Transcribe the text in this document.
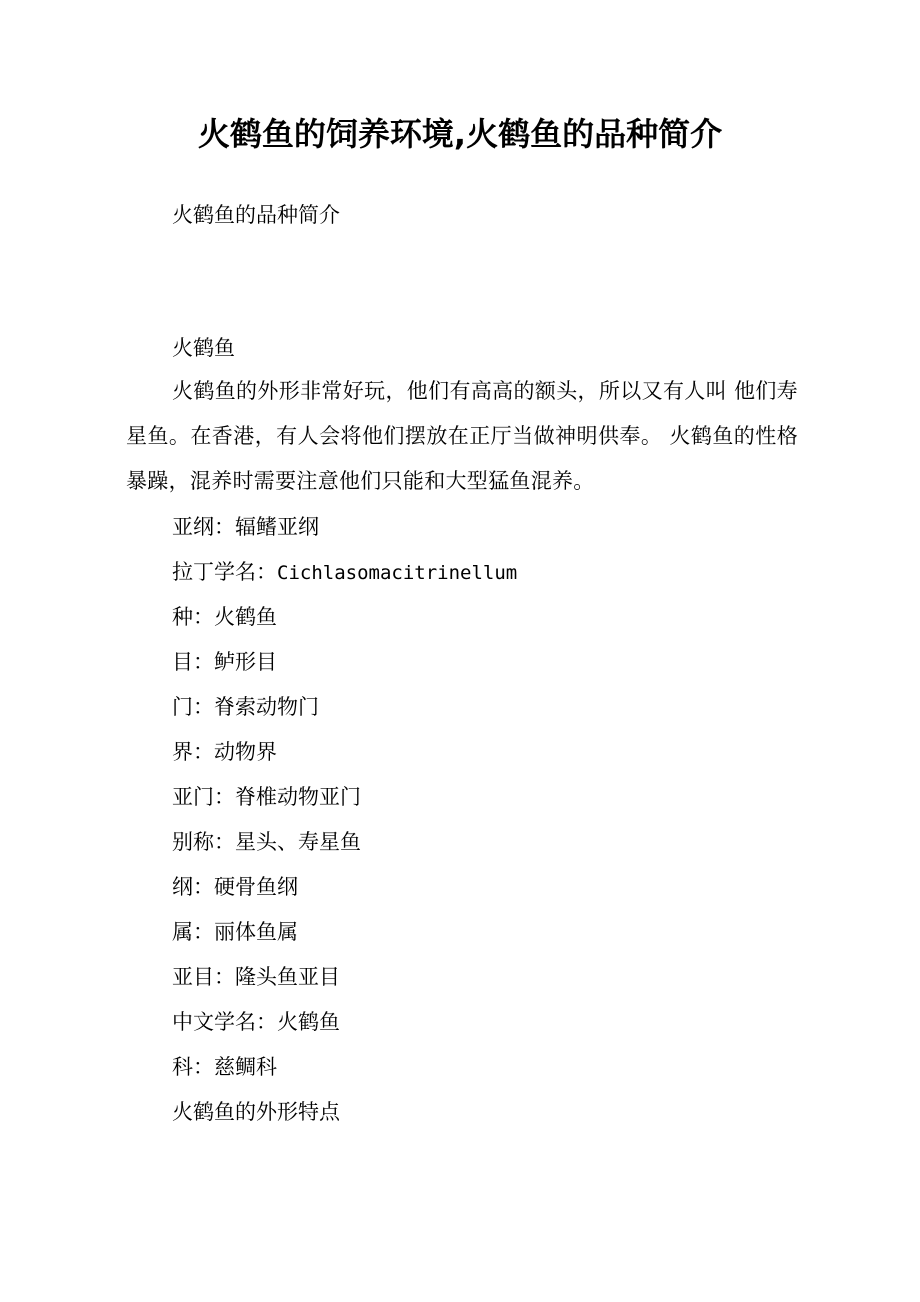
火鹤鱼的饲养环境,火鹤鱼的品种简介

火鹤鱼的品种简介

火鹤鱼

火鹤鱼的外形非常好玩，他们有高高的额头，所以又有人叫 他们寿星鱼。在香港，有人会将他们摆放在正厅当做神明供奉。 火鹤鱼的性格暴躁，混养时需要注意他们只能和大型猛鱼混养。

亚纲：辐鳍亚纲

拉丁学名：Cichlasomacitrinellum

种：火鹤鱼

目：鲈形目

门：脊索动物门

界：动物界

亚门：脊椎动物亚门

别称：星头、寿星鱼

纲：硬骨鱼纲

属：丽体鱼属

亚目：隆头鱼亚目

中文学名：火鹤鱼

科：慈鲷科

火鹤鱼的外形特点
